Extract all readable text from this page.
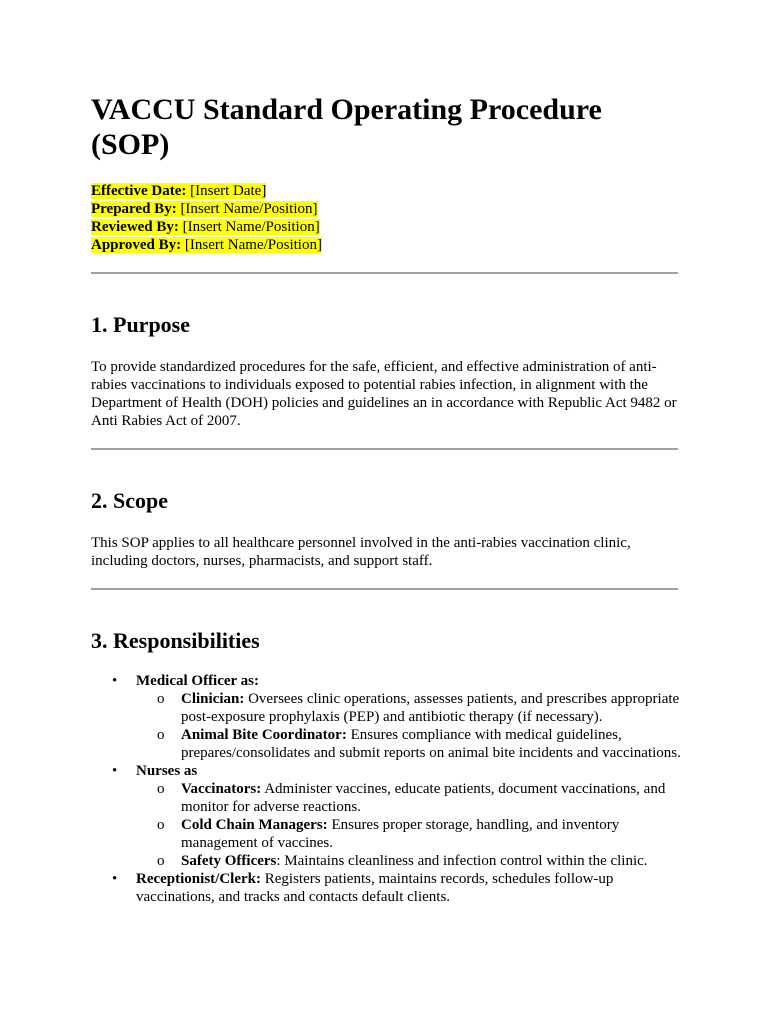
VACCU Standard Operating Procedure (SOP)
Effective Date: [Insert Date]
Prepared By: [Insert Name/Position]
Reviewed By: [Insert Name/Position]
Approved By: [Insert Name/Position]
1. Purpose

To provide standardized procedures for the safe, efficient, and effective administration of anti-rabies vaccinations to individuals exposed to potential rabies infection, in alignment with the Department of Health (DOH) policies and guidelines an in accordance with Republic Act 9482 or Anti Rabies Act of 2007.

2. Scope

This SOP applies to all healthcare personnel involved in the anti-rabies vaccination clinic, including doctors, nurses, pharmacists, and support staff.

3. Responsibilities
• Medical Officer as:
o Clinician: Oversees clinic operations, assesses patients, and prescribes appropriate post-exposure prophylaxis (PEP) and antibiotic therapy (if necessary).
o Animal Bite Coordinator: Ensures compliance with medical guidelines, prepares/consolidates and submit reports on animal bite incidents and vaccinations.
• Nurses as
o Vaccinators: Administer vaccines, educate patients, document vaccinations, and monitor for adverse reactions.
o Cold Chain Managers: Ensures proper storage, handling, and inventory management of vaccines.
o Safety Officers: Maintains cleanliness and infection control within the clinic.
• Receptionist/Clerk: Registers patients, maintains records, schedules follow-up vaccinations, and tracks and contacts default clients.
